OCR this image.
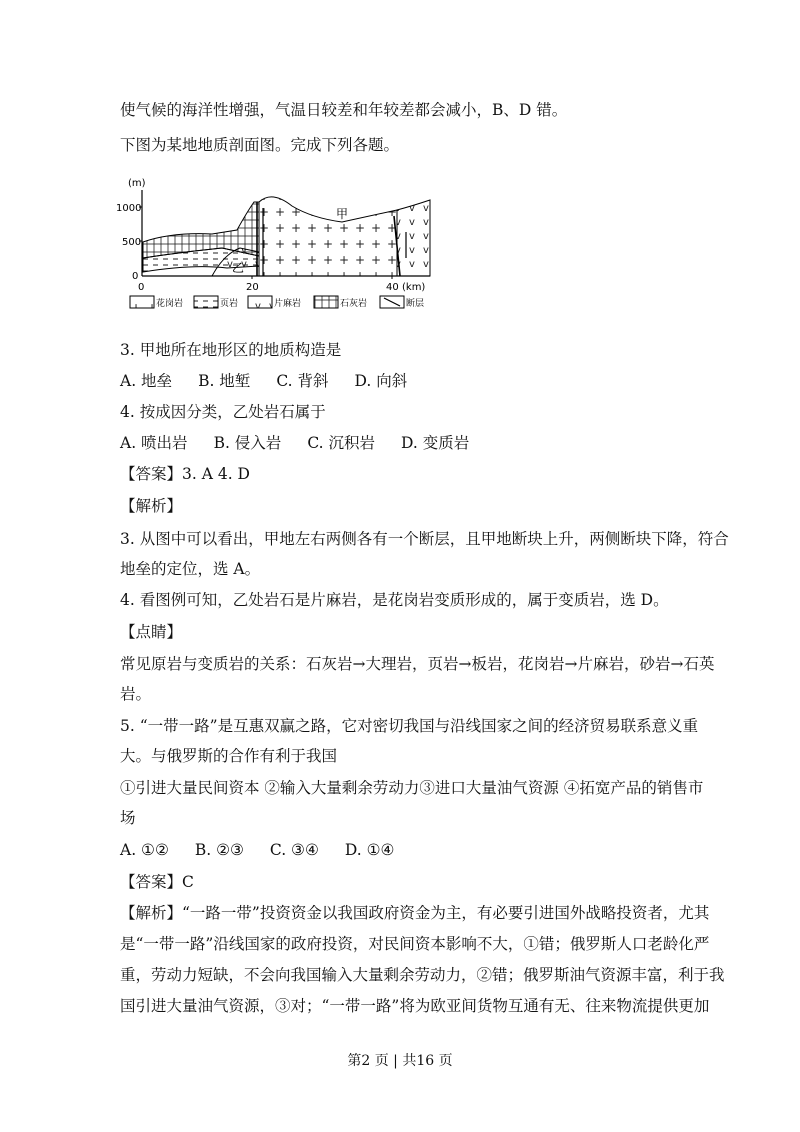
使气候的海洋性增强，气温日较差和年较差都会减小，B、D 错。
下图为某地地质剖面图。完成下列各题。
(m)
1000
500
0
0	20	40 (km)
甲
乙
花岗岩	页岩	片麻岩	石灰岩	断层
3. 甲地所在地形区的地质构造是
A. 地垒 B. 地堑 C. 背斜 D. 向斜
4. 按成因分类，乙处岩石属于
A. 喷出岩 B. 侵入岩 C. 沉积岩 D. 变质岩
【答案】3. A 4. D
【解析】
3. 从图中可以看出，甲地左右两侧各有一个断层，且甲地断块上升，两侧断块下降，符合
地垒的定位，选 A。
4. 看图例可知，乙处岩石是片麻岩，是花岗岩变质形成的，属于变质岩，选 D。
【点睛】
常见原岩与变质岩的关系：石灰岩→大理岩，页岩→板岩，花岗岩→片麻岩，砂岩→石英
岩。
5. “一带一路”是互惠双赢之路，它对密切我国与沿线国家之间的经济贸易联系意义重
大。与俄罗斯的合作有利于我国
①引进大量民间资本 ②输入大量剩余劳动力③进口大量油气资源 ④拓宽产品的销售市
场
A. ①② B. ②③ C. ③④ D. ①④
【答案】C
【解析】“一路一带”投资资金以我国政府资金为主，有必要引进国外战略投资者，尤其
是“一带一路”沿线国家的政府投资，对民间资本影响不大，①错；俄罗斯人口老龄化严
重，劳动力短缺，不会向我国输入大量剩余劳动力，②错；俄罗斯油气资源丰富，利于我
国引进大量油气资源，③对；“一带一路”将为欧亚间货物互通有无、往来物流提供更加
第2 页 | 共16 页
